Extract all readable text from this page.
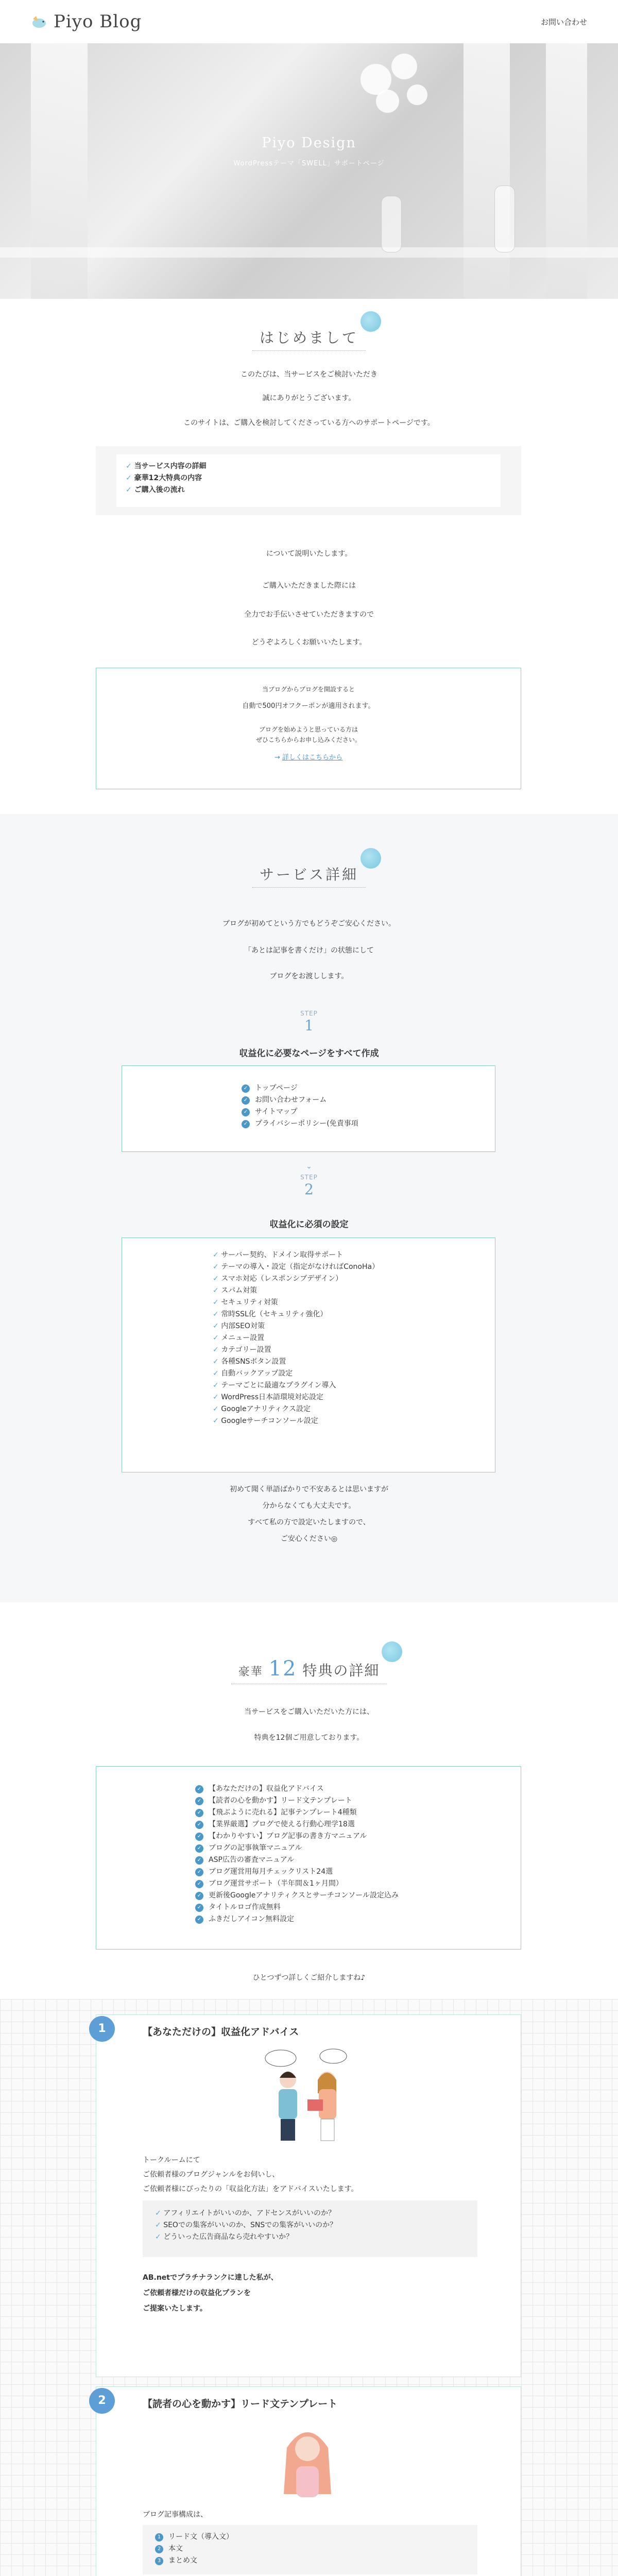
Piyo Blog	お問い合わせ
Piyo Design
WordPressテーマ「SWELL」サポートページ
はじめまして
このたびは、当サービスをご検討いただき
誠にありがとうございます。
このサイトは、ご購入を検討してくださっている方へのサポートページです。
✓ 当サービス内容の詳細
✓ 豪華12大特典の内容
✓ ご購入後の流れ
について説明いたします。
ご購入いただきました際には
全力でお手伝いさせていただきますので
どうぞよろしくお願いいたします。
当ブログからブログを開設すると
自動で500円オフクーポンが適用されます。
ブログを始めようと思っている方は
ぜひこちらからお申し込みください。
→ 詳しくはこちらから
サービス詳細
ブログが初めてという方でもどうぞご安心ください。
「あとは記事を書くだけ」の状態にして
ブログをお渡しします。
STEP
1
収益化に必要なページをすべて作成
✓ トップページ
✓ お問い合わせフォーム
✓ サイトマップ
✓ プライバシーポリシー(免責事項
⌄
STEP
2
収益化に必須の設定
✓ サーバー契約、ドメイン取得サポート
✓ テーマの導入・設定（指定がなければConoHa）
✓ スマホ対応（レスポンシブデザイン）
✓ スパム対策
✓ セキュリティ対策
✓ 常時SSL化（セキュリティ強化）
✓ 内部SEO対策
✓ メニュー設置
✓ カテゴリー設置
✓ 各種SNSボタン設置
✓ 自動バックアップ設定
✓ テーマごとに最適なプラグイン導入
✓ WordPress日本語環境対応設定
✓ Googleアナリティクス設定
✓ Googleサーチコンソール設定
初めて聞く単語ばかりで不安あるとは思いますが
分からなくても大丈夫です。
すべて私の方で設定いたしますので、
ご安心ください◎
豪華 12 特典の詳細
当サービスをご購入いただいた方には、
特典を12個ご用意しております。
✓ 【あなただけの】収益化アドバイス
✓ 【読者の心を動かす】リード文テンプレート
✓ 【飛ぶように売れる】記事テンプレート4種類
✓ 【業界厳選】ブログで使える行動心理学18選
✓ 【わかりやすい】ブログ記事の書き方マニュアル
✓ ブログの記事執筆マニュアル
✓ ASP広告の審査マニュアル
✓ ブログ運営用毎月チェックリスト24選
✓ ブログ運営サポート（半年間＆1ヶ月間）
✓ 更新後Googleアナリティクスとサーチコンソール設定込み
✓ タイトルロゴ作成無料
✓ ふきだしアイコン無料設定
ひとつずつ詳しくご紹介しますね♪
1	【あなただけの】収益化アドバイス
トークルームにて
ご依頼者様のブログジャンルをお伺いし、
ご依頼者様にぴったりの「収益化方法」をアドバイスいたします。
✓ アフィリエイトがいいのか、アドセンスがいいのか？
✓ SEOでの集客がいいのか、SNSでの集客がいいのか？
✓ どういった広告商品なら売れやすいか？
AB.netでプラチナランクに達した私が、
ご依頼者様だけの収益化プランを
ご提案いたします。
2	【読者の心を動かす】リード文テンプレート
ブログ記事構成は、
1	リード文（導入文）
2	本文
3	まとめ文
